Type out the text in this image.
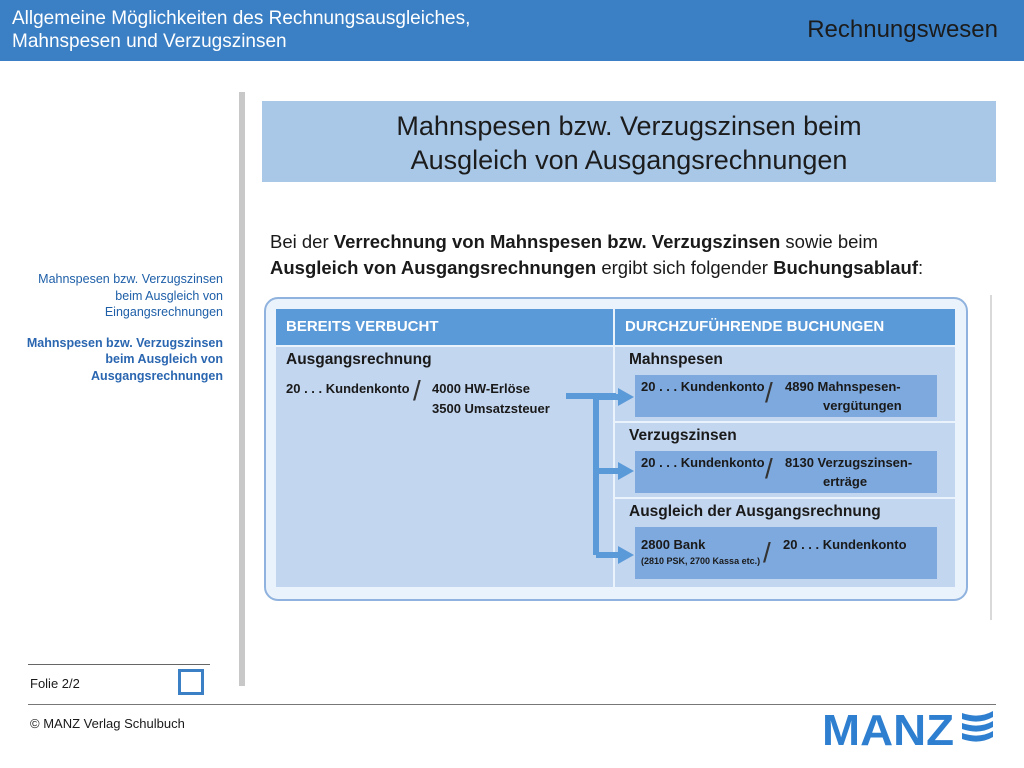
Allgemeine Möglichkeiten des Rechnungsausgleiches,
Mahnspesen und Verzugszinsen	Rechnungswesen
Mahnspesen bzw. Verzugszinsen beim Ausgleich von Eingangsrechnungen
Mahnspesen bzw. Verzugszinsen beim Ausgleich von Ausgangsrechnungen
Mahnspesen bzw. Verzugszinsen beim
Ausgleich von Ausgangsrechnungen
Bei der Verrechnung von Mahnspesen bzw. Verzugszinsen sowie beim
Ausgleich von Ausgangsrechnungen ergibt sich folgender Buchungsablauf:
BEREITS VERBUCHT	DURCHZUFÜHRENDE BUCHUNGEN
Ausgangsrechnung
20 . . . Kundenkonto / 4000 HW-Erlöse
3500 Umsatzsteuer
Mahnspesen
20 . . . Kundenkonto / 4890 Mahnspesen-
vergütungen
Verzugszinsen
20 . . . Kundenkonto / 8130 Verzugszinsen-
erträge
Ausgleich der Ausgangsrechnung
2800 Bank
(2810 PSK, 2700 Kassa etc.) / 20 . . . Kundenkonto
Folie 2/2
© MANZ Verlag Schulbuch	MANZ
